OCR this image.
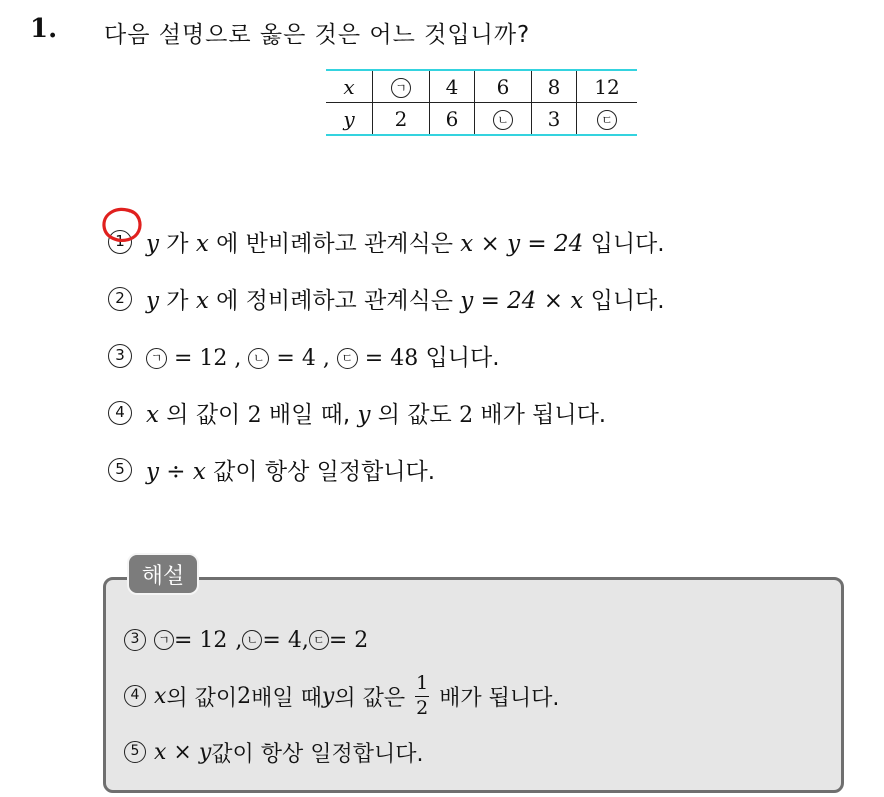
1. 다음 설명으로 옳은 것은 어느 것입니까?
x	ㄱ	4	6	8	12
y	2	6	ㄴ	3	ㄷ
1 y 가 x 에 반비례하고 관계식은 x × y = 24 입니다.
2 y 가 x 에 정비례하고 관계식은 y = 24 × x 입니다.
3	ㄱ = 12 , ㄴ = 4 , ㄷ = 48 입니다.
4 x 의 값이 2 배일 때, y 의 값도 2 배가 됩니다.
5 y ÷ x 값이 항상 일정합니다.
해설
3	ㄱ = 12 , ㄴ = 4 , ㄷ = 2
4 x 의 값이 2 배일 때 y 의 값은 $\frac{1}{2}$ 배가 됩니다.
5 x × y 값이 항상 일정합니다.
